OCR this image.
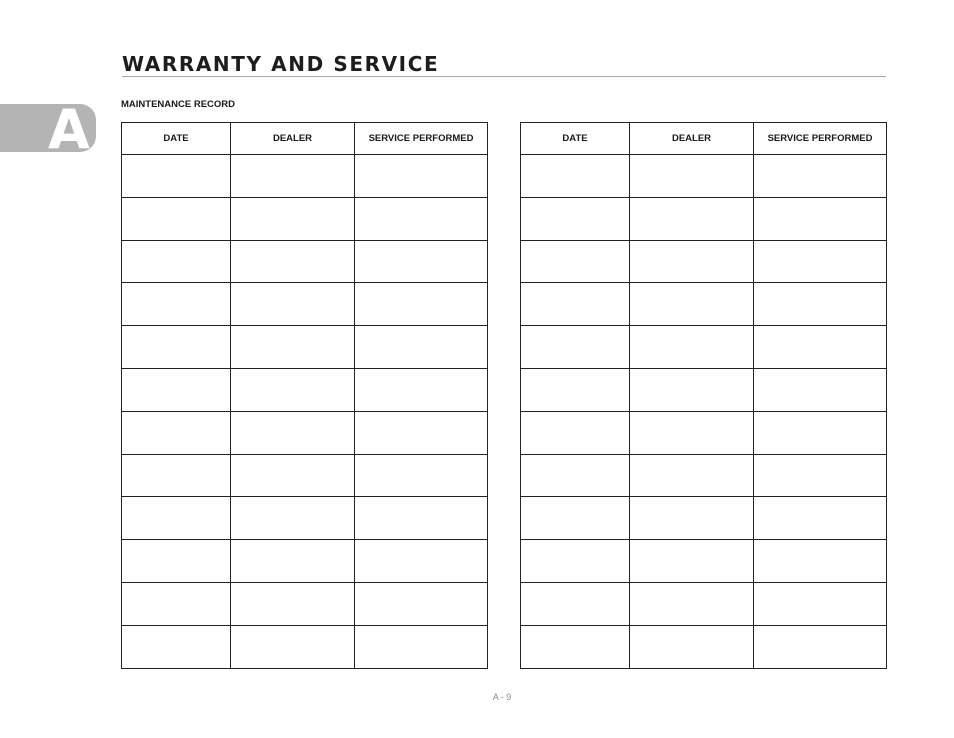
WARRANTY AND SERVICE
A	MAINTENANCE RECORD
DATE	DEALER	SERVICE PERFORMED

			DATE	DEALER	SERVICE PERFORMED

A - 9
